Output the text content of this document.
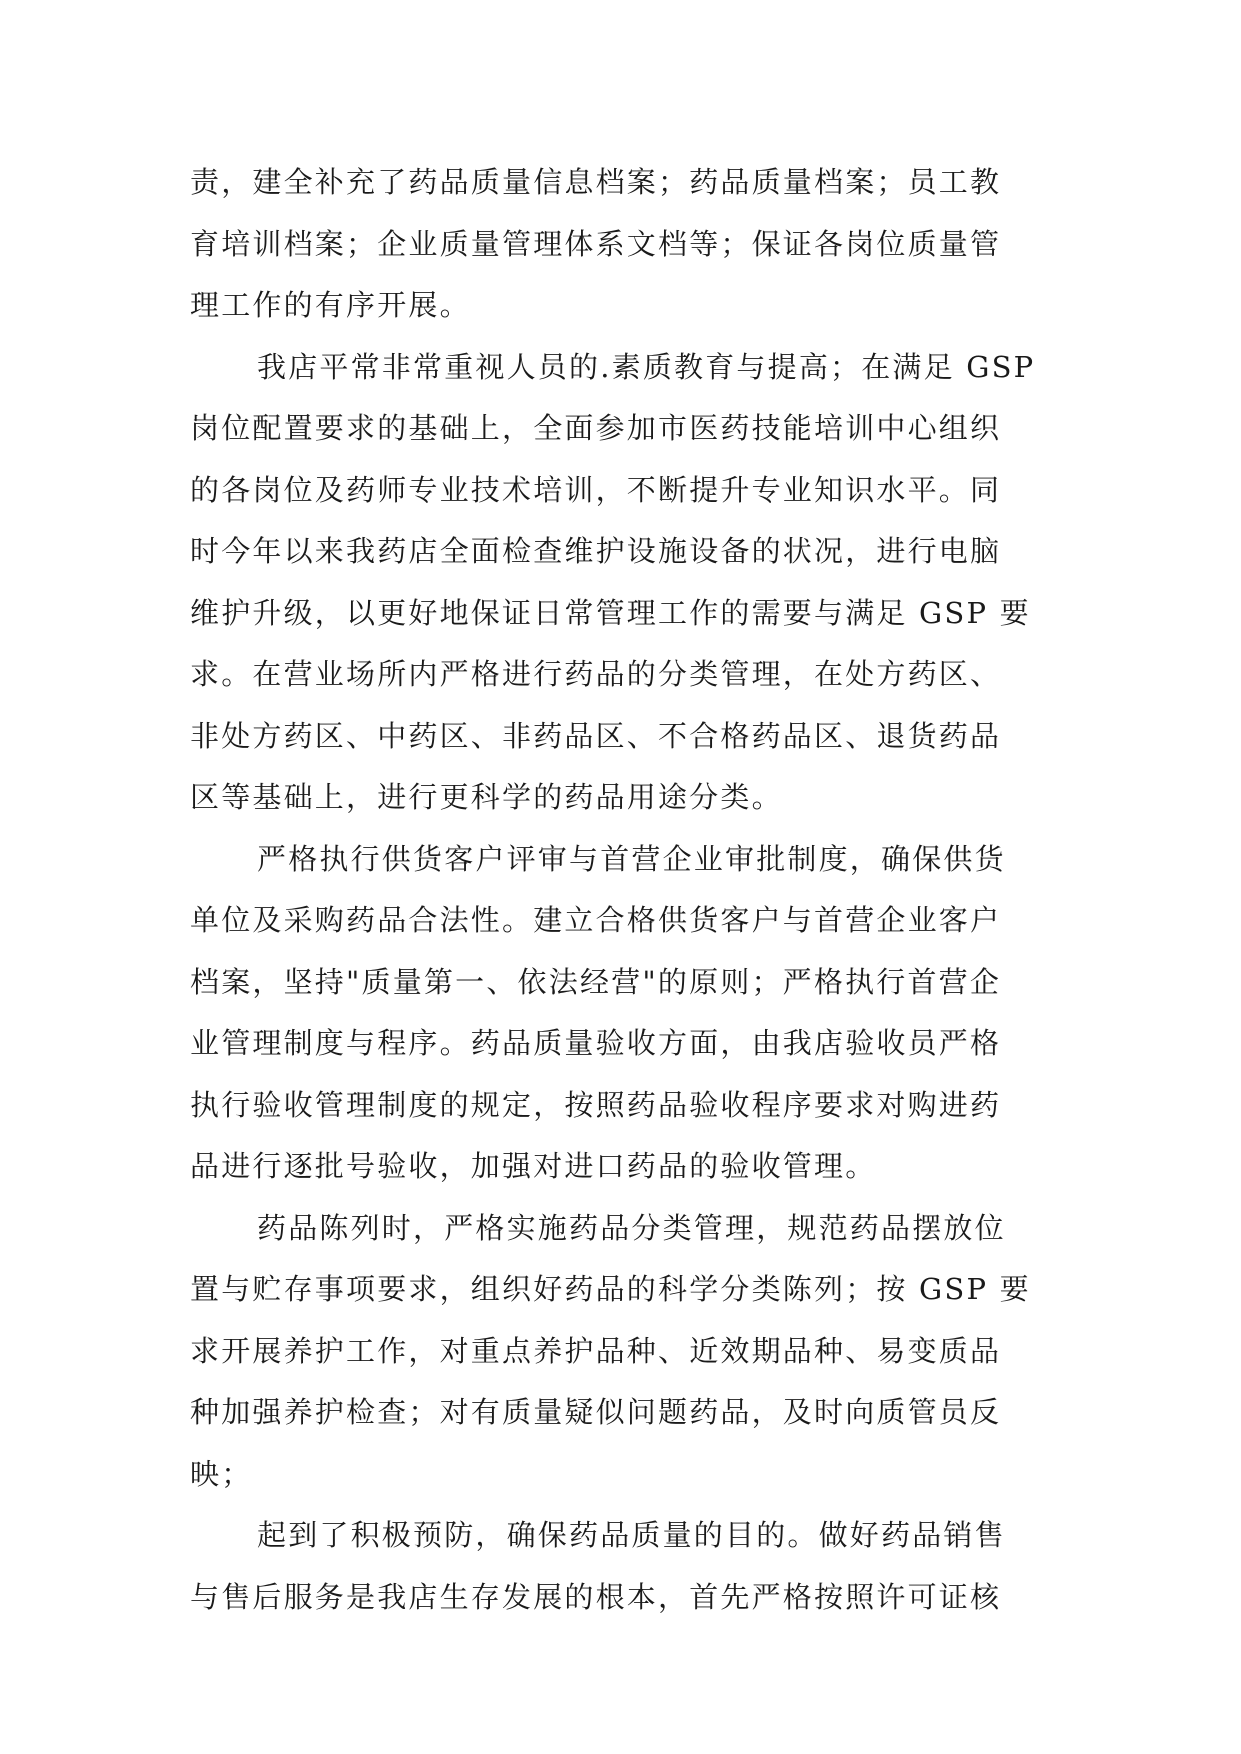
责，建全补充了药品质量信息档案；药品质量档案；员工教
育培训档案；企业质量管理体系文档等；保证各岗位质量管
理工作的有序开展。
我店平常非常重视人员的.素质教育与提高；在满足 GSP
岗位配置要求的基础上，全面参加市医药技能培训中心组织
的各岗位及药师专业技术培训，不断提升专业知识水平。同
时今年以来我药店全面检查维护设施设备的状况，进行电脑
维护升级，以更好地保证日常管理工作的需要与满足 GSP 要
求。在营业场所内严格进行药品的分类管理，在处方药区、
非处方药区、中药区、非药品区、不合格药品区、退货药品
区等基础上，进行更科学的药品用途分类。
严格执行供货客户评审与首营企业审批制度，确保供货
单位及采购药品合法性。建立合格供货客户与首营企业客户
档案，坚持"质量第一、依法经营"的原则；严格执行首营企
业管理制度与程序。药品质量验收方面，由我店验收员严格
执行验收管理制度的规定，按照药品验收程序要求对购进药
品进行逐批号验收，加强对进口药品的验收管理。
药品陈列时，严格实施药品分类管理，规范药品摆放位
置与贮存事项要求，组织好药品的科学分类陈列；按 GSP 要
求开展养护工作，对重点养护品种、近效期品种、易变质品
种加强养护检查；对有质量疑似问题药品，及时向质管员反
映；
起到了积极预防，确保药品质量的目的。做好药品销售
与售后服务是我店生存发展的根本，首先严格按照许可证核
